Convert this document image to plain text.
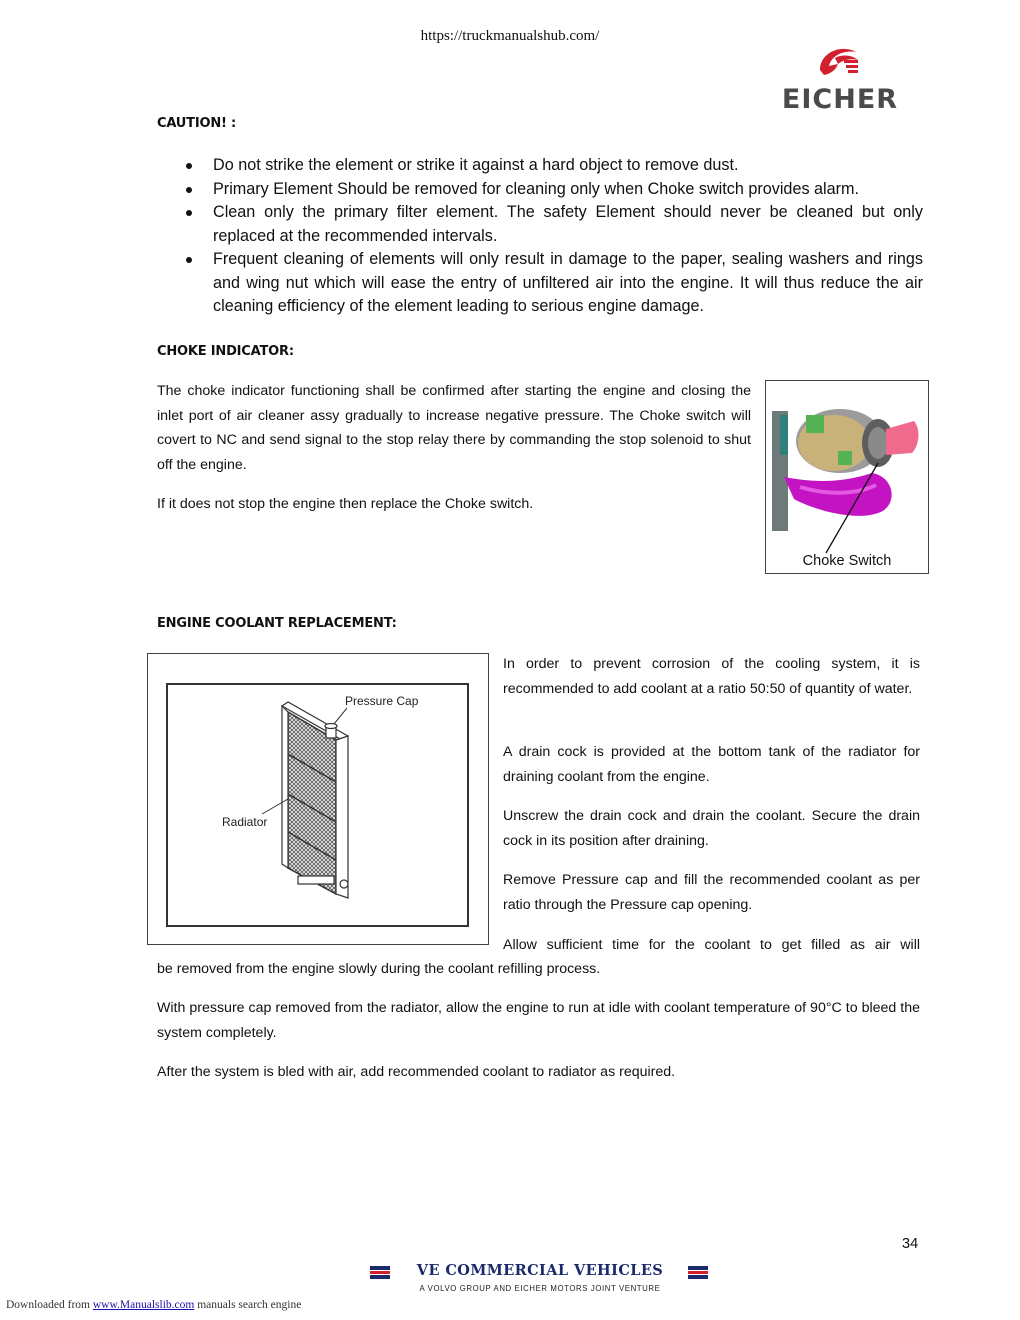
https://truckmanualshub.com/
EICHER
CAUTION! :
Do not strike the element or strike it against a hard object to remove dust.
Primary Element Should be removed for cleaning only when Choke switch provides alarm.
Clean only the primary filter element. The safety Element should never be cleaned but only replaced at the recommended intervals.
Frequent cleaning of elements will only result in damage to the paper, sealing washers and rings and wing nut which will ease the entry of unfiltered air into the engine. It will thus reduce the air cleaning efficiency of the element leading to serious engine damage.
CHOKE INDICATOR:
The choke indicator functioning shall be confirmed after starting the engine and closing the inlet port of air cleaner assy gradually to increase negative pressure. The Choke switch will covert to NC and send signal to the stop relay there by commanding the stop solenoid to shut off the engine.
If it does not stop the engine then replace the Choke switch.
Choke Switch
ENGINE COOLANT REPLACEMENT:
Pressure Cap
Radiator
In order to prevent corrosion of the cooling system, it is recommended to add coolant at a ratio 50:50 of quantity of water.
A drain cock is provided at the bottom tank of the radiator for draining coolant from the engine.
Unscrew the drain cock and drain the coolant. Secure the drain cock in its position after draining.
Remove Pressure cap and fill the recommended coolant as per ratio through the Pressure cap opening.
Allow sufficient time for the coolant to get filled as air will
be removed from the engine slowly during the coolant refilling process.
With pressure cap removed from the radiator, allow the engine to run at idle with coolant temperature of 90°C to bleed the system completely.
After the system is bled with air, add recommended coolant to radiator as required.
34
VE COMMERCIAL VEHICLES
A VOLVO GROUP AND EICHER MOTORS JOINT VENTURE
Downloaded from www.Manualslib.com manuals search engine
